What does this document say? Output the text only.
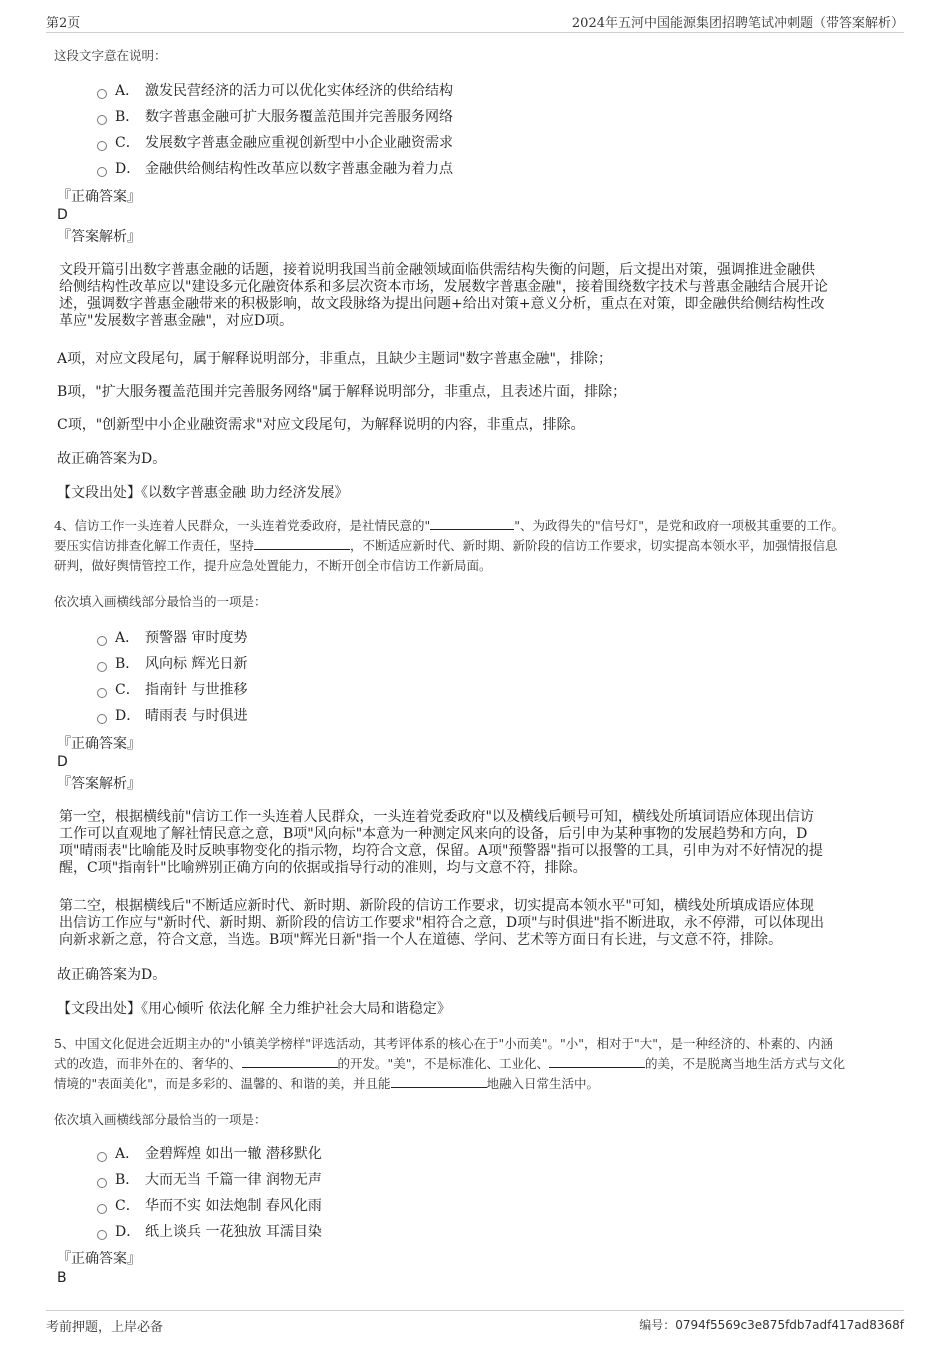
第2页	2024年五河中国能源集团招聘笔试冲刺题（带答案解析）

这段文字意在说明：

A． 激发民营经济的活力可以优化实体经济的供给结构
B． 数字普惠金融可扩大服务覆盖范围并完善服务网络
C． 发展数字普惠金融应重视创新型中小企业融资需求
D． 金融供给侧结构性改革应以数字普惠金融为着力点

『正确答案』

D

『答案解析』

文段开篇引出数字普惠金融的话题，接着说明我国当前金融领域面临供需结构失衡的问题，后文提出对策，强调推进金融供
给侧结构性改革应以"建设多元化融资体系和多层次资本市场，发展数字普惠金融"，接着围绕数字技术与普惠金融结合展开论
述，强调数字普惠金融带来的积极影响，故文段脉络为提出问题+给出对策+意义分析，重点在对策，即金融供给侧结构性改
革应"发展数字普惠金融"，对应D项。

A项，对应文段尾句，属于解释说明部分，非重点，且缺少主题词"数字普惠金融"，排除；

B项，"扩大服务覆盖范围并完善服务网络"属于解释说明部分，非重点，且表述片面，排除；

C项，"创新型中小企业融资需求"对应文段尾句，为解释说明的内容，非重点，排除。

故正确答案为D。

【文段出处】《以数字普惠金融 助力经济发展》

4、信访工作一头连着人民群众，一头连着党委政府，是社情民意的"	"、为政得失的"信号灯"，是党和政府一项极其重要的工作。
要压实信访排查化解工作责任，坚持	，不断适应新时代、新时期、新阶段的信访工作要求，切实提高本领水平，加强情报信息
研判，做好舆情管控工作，提升应急处置能力，不断开创全市信访工作新局面。

依次填入画横线部分最恰当的一项是：

A． 预警器 审时度势
B． 风向标 辉光日新
C． 指南针 与世推移
D． 晴雨表 与时俱进

『正确答案』

D

『答案解析』

第一空，根据横线前"信访工作一头连着人民群众，一头连着党委政府"以及横线后顿号可知，横线处所填词语应体现出信访
工作可以直观地了解社情民意之意，B项"风向标"本意为一种测定风来向的设备，后引申为某种事物的发展趋势和方向，D
项"晴雨表"比喻能及时反映事物变化的指示物，均符合文意，保留。A项"预警器"指可以报警的工具，引申为对不好情况的提
醒，C项"指南针"比喻辨别正确方向的依据或指导行动的准则，均与文意不符，排除。
第二空，根据横线后"不断适应新时代、新时期、新阶段的信访工作要求，切实提高本领水平"可知，横线处所填成语应体现
出信访工作应与"新时代、新时期、新阶段的信访工作要求"相符合之意，D项"与时俱进"指不断进取，永不停滞，可以体现出
向新求新之意，符合文意，当选。B项"辉光日新"指一个人在道德、学问、艺术等方面日有长进，与文意不符，排除。

故正确答案为D。

【文段出处】《用心倾听 依法化解 全力维护社会大局和谐稳定》

5、中国文化促进会近期主办的"小镇美学榜样"评选活动，其考评体系的核心在于"小而美"。"小"，相对于"大"，是一种经济的、朴素的、内涵
式的改造，而非外在的、奢华的、	的开发。"美"，不是标准化、工业化、	的美，不是脱离当地生活方式与文化
情境的"表面美化"，而是多彩的、温馨的、和谐的美，并且能	地融入日常生活中。

依次填入画横线部分最恰当的一项是：

A． 金碧辉煌 如出一辙 潜移默化
B． 大而无当 千篇一律 润物无声
C． 华而不实 如法炮制 春风化雨
D． 纸上谈兵 一花独放 耳濡目染

『正确答案』

B

考前押题，上岸必备	编号：0794f5569c3e875fdb7adf417ad8368f
